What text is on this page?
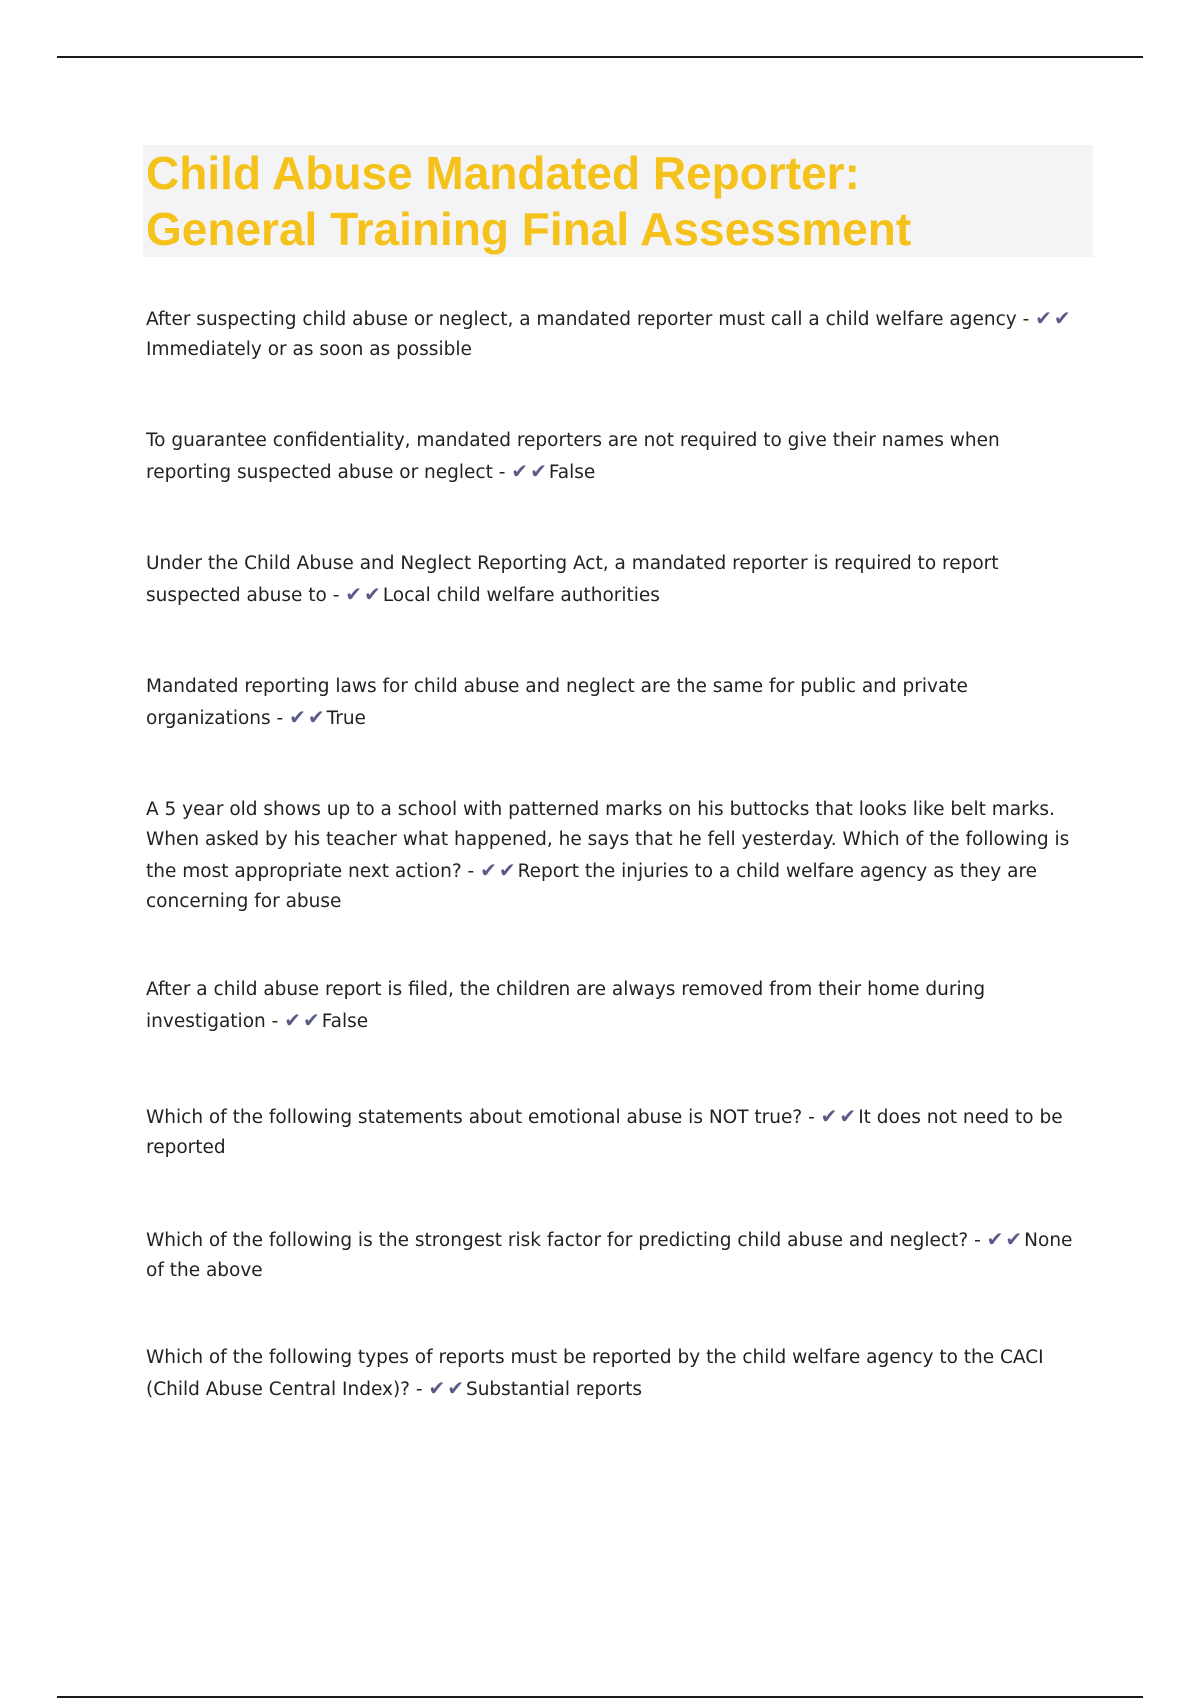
Child Abuse Mandated Reporter:
General Training Final Assessment
After suspecting child abuse or neglect, a mandated reporter must call a child welfare agency - ✔ ✔Immediately or as soon as possible
To guarantee confidentiality, mandated reporters are not required to give their names when reporting suspected abuse or neglect - ✔ ✔ False
Under the Child Abuse and Neglect Reporting Act, a mandated reporter is required to report suspected abuse to - ✔ ✔ Local child welfare authorities
Mandated reporting laws for child abuse and neglect are the same for public and private organizations - ✔ ✔ True
A 5 year old shows up to a school with patterned marks on his buttocks that looks like belt marks. When asked by his teacher what happened, he says that he fell yesterday. Which of the following is the most appropriate next action? - ✔ ✔ Report the injuries to a child welfare agency as they are concerning for abuse
After a child abuse report is filed, the children are always removed from their home during investigation - ✔ ✔ False
Which of the following statements about emotional abuse is NOT true? - ✔ ✔ It does not need to be reported
Which of the following is the strongest risk factor for predicting child abuse and neglect? - ✔ ✔ None of the above
Which of the following types of reports must be reported by the child welfare agency to the CACI (Child Abuse Central Index)? - ✔ ✔ Substantial reports
